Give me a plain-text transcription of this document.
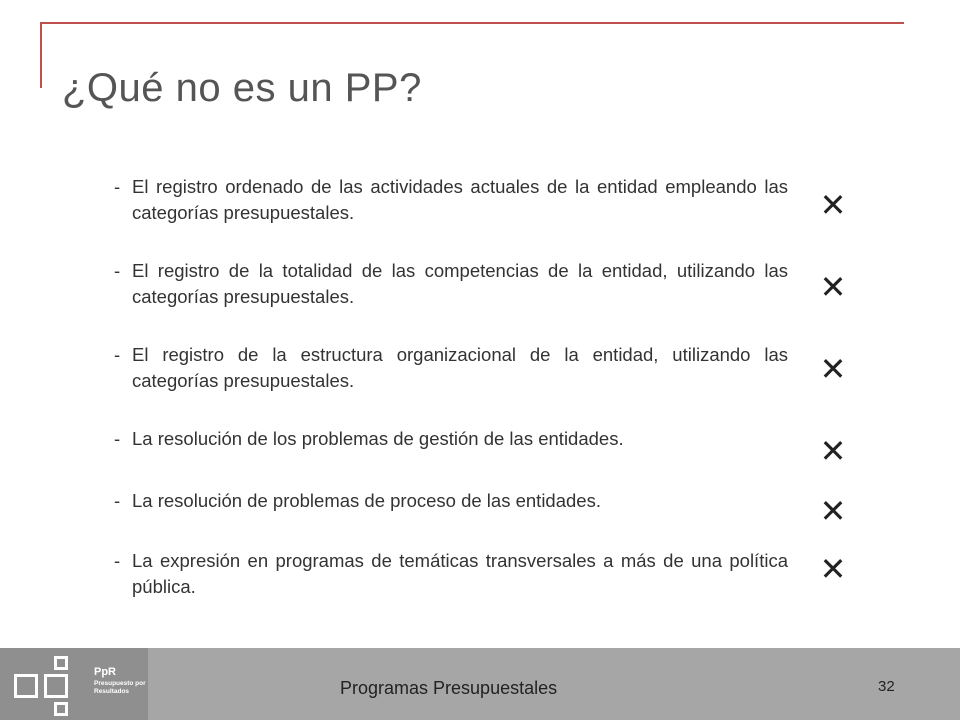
¿Qué no es un PP?
- El registro ordenado de las actividades actuales de la entidad empleando las categorías presupuestales.	✕
- El registro de la totalidad de las competencias de la entidad, utilizando las categorías presupuestales.	✕
- El registro de la estructura organizacional de la entidad, utilizando las categorías presupuestales.	✕
- La resolución de los problemas de gestión de las entidades.	✕
- La resolución de problemas de proceso de las entidades.	✕
- La expresión en programas de temáticas transversales a más de una política pública.	✕
PpR
Presupuesto por Resultados	Programas Presupuestales	32
